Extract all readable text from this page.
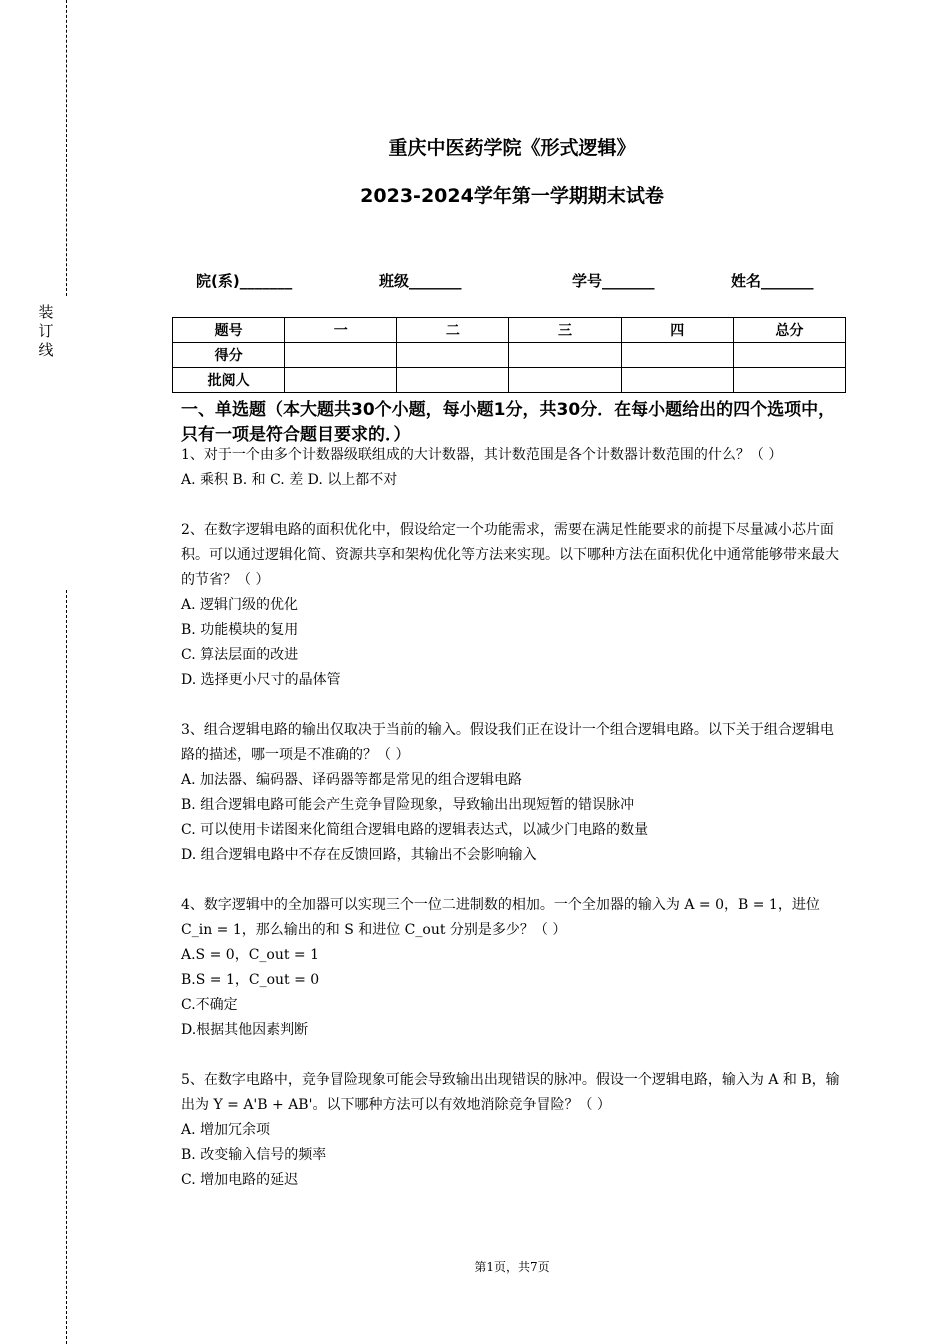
装
订
线
重庆中医药学院《形式逻辑》
2023-2024学年第一学期期末试卷
院(系)_______	班级_______	学号_______	姓名_______
题号	一	二	三	四	总分
得分					
批阅人					
一、单选题（本大题共30个小题，每小题1分，共30分．在每小题给出的四个选项中，只有一项是符合题目要求的．）

1、对于一个由多个计数器级联组成的大计数器，其计数范围是各个计数器计数范围的什么？（ ）

A. 乘积 B. 和 C. 差 D. 以上都不对

2、在数字逻辑电路的面积优化中，假设给定一个功能需求，需要在满足性能要求的前提下尽量减小芯片面积。可以通过逻辑化简、资源共享和架构优化等方法来实现。以下哪种方法在面积优化中通常能够带来最大的节省？（ ）

A. 逻辑门级的优化

B. 功能模块的复用

C. 算法层面的改进

D. 选择更小尺寸的晶体管

3、组合逻辑电路的输出仅取决于当前的输入。假设我们正在设计一个组合逻辑电路。以下关于组合逻辑电路的描述，哪一项是不准确的？（ ）

A. 加法器、编码器、译码器等都是常见的组合逻辑电路

B. 组合逻辑电路可能会产生竞争冒险现象，导致输出出现短暂的错误脉冲

C. 可以使用卡诺图来化简组合逻辑电路的逻辑表达式，以减少门电路的数量

D. 组合逻辑电路中不存在反馈回路，其输出不会影响输入

4、数字逻辑中的全加器可以实现三个一位二进制数的相加。一个全加器的输入为 A = 0，B = 1，进位 C_in = 1，那么输出的和 S 和进位 C_out 分别是多少？（ ）

A.S = 0，C_out = 1

B.S = 1，C_out = 0

C.不确定

D.根据其他因素判断

5、在数字电路中，竞争冒险现象可能会导致输出出现错误的脉冲。假设一个逻辑电路，输入为 A 和 B，输出为 Y = A'B + AB'。以下哪种方法可以有效地消除竞争冒险？（ ）

A. 增加冗余项

B. 改变输入信号的频率

C. 增加电路的延迟

第1页，共7页
